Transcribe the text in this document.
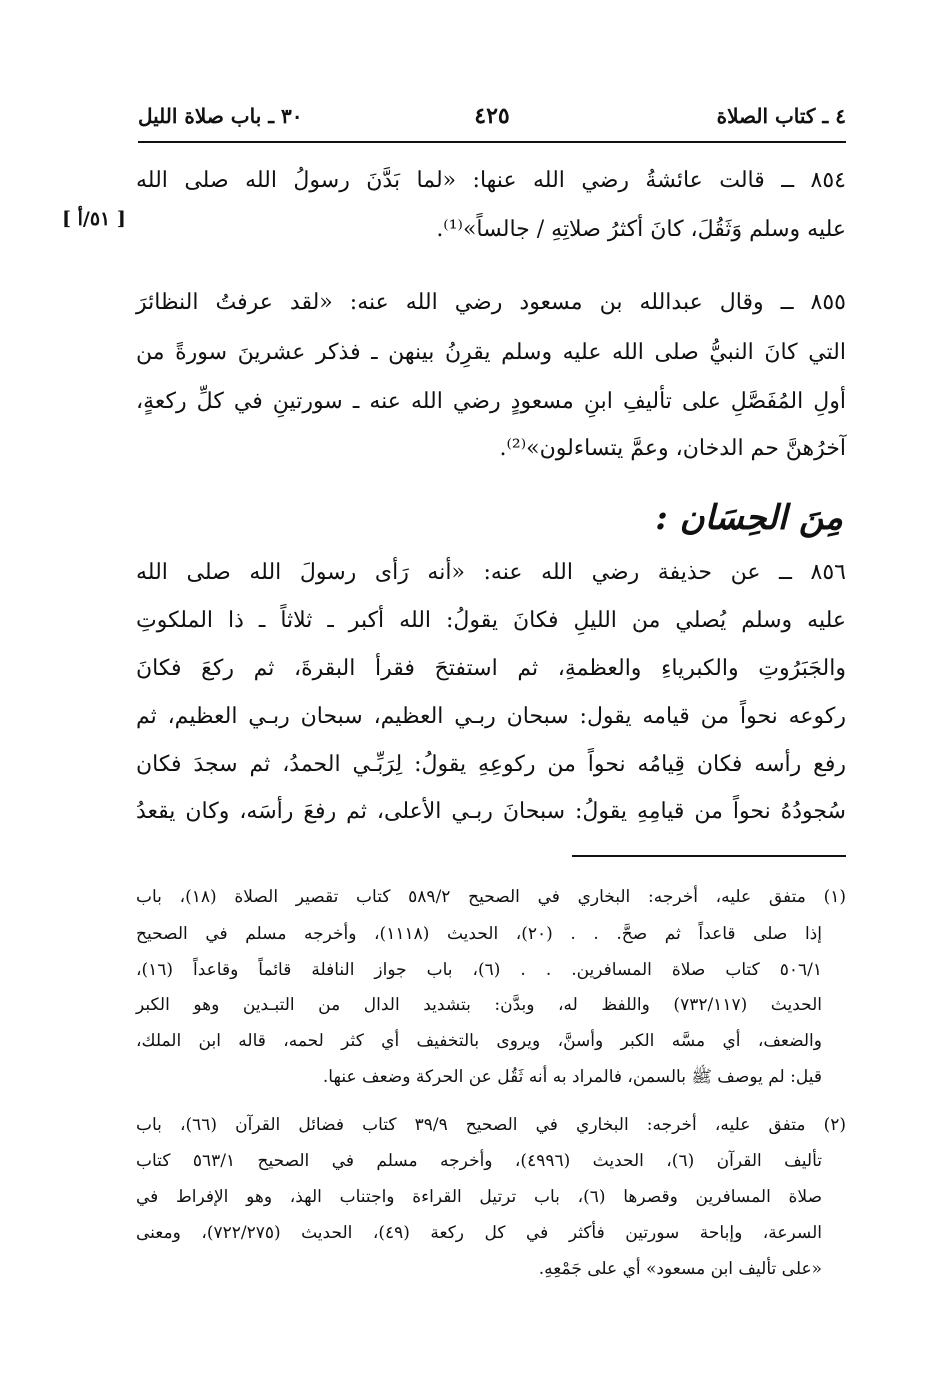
٤ ـ كتاب الصلاة
٤٢٥
٣٠ ـ باب صلاة الليل
٨٥٤ ــ قالت عائشةُ رضي الله عنها: «لما بَدَّنَ رسولُ الله صلى الله
عليه وسلم وَثَقُلَ، كانَ أكثرُ صلاتِهِ / جالساً»⁽¹⁾.
[ ٥١/أ ]
٨٥٥ ــ وقال عبدالله بن مسعود رضي الله عنه: «لقد عرفتُ النظائرَ
التي كانَ النبيُّ صلى الله عليه وسلم يقرِنُ بينهن ـ فذكر عشرينَ سورةً من
أولِ المُفَصَّلِ على تأليفِ ابنِ مسعودٍ رضي الله عنه ـ سورتينِ في كلِّ ركعةٍ،
آخرُهنَّ حم الدخان، وعمَّ يتساءلون»⁽²⁾.
مِنَ الحِسَان :
٨٥٦ ــ عن حذيفة رضي الله عنه: «أنه رَأى رسولَ الله صلى الله
عليه وسلم يُصلي من الليلِ فكانَ يقولُ: الله أكبر ـ ثلاثاً ـ ذا الملكوتِ
والجَبَرُوتِ والكبرياءِ والعظمةِ، ثم استفتحَ فقرأ البقرةَ، ثم ركعَ فكانَ
ركوعه نحواً من قيامه يقول: سبحان ربـي العظيم، سبحان ربـي العظيم، ثم
رفع رأسه فكان قِيامُه نحواً من ركوعِهِ يقولُ: لِرَبِّـي الحمدُ، ثم سجدَ فكان
سُجودُهُ نحواً من قيامِهِ يقولُ: سبحانَ ربـي الأعلى، ثم رفعَ رأسَه، وكان يقعدُ
(١) متفق عليه، أخرجه: البخاري في الصحيح ٥٨٩/٢ كتاب تقصير الصلاة (١٨)، باب
إذا صلى قاعداً ثم صحَّ. . . (٢٠)، الحديث (١١١٨)، وأخرجه مسلم في الصحيح
٥٠٦/١ كتاب صلاة المسافرين. . . (٦)، باب جواز النافلة قائماً وقاعداً (١٦)،
الحديث (٧٣٢/١١٧) واللفظ له، وبدَّن: بتشديد الدال من التبـدين وهو الكبر
والضعف، أي مسَّه الكبر وأسنَّ، ويروى بالتخفيف أي كثر لحمه، قاله ابن الملك،
قيل: لم يوصف ﷺ بالسمن، فالمراد به أنه ثَقُل عن الحركة وضعف عنها.
(٢) متفق عليه، أخرجه: البخاري في الصحيح ٣٩/٩ كتاب فضائل القرآن (٦٦)، باب
تأليف القرآن (٦)، الحديث (٤٩٩٦)، وأخرجه مسلم في الصحيح ٥٦٣/١ كتاب
صلاة المسافرين وقصرها (٦)، باب ترتيل القراءة واجتناب الهذ، وهو الإفراط في
السرعة، وإباحة سورتين فأكثر في كل ركعة (٤٩)، الحديث (٧٢٢/٢٧٥)، ومعنى
«على تأليف ابن مسعود» أي على جَمْعِهِ.
